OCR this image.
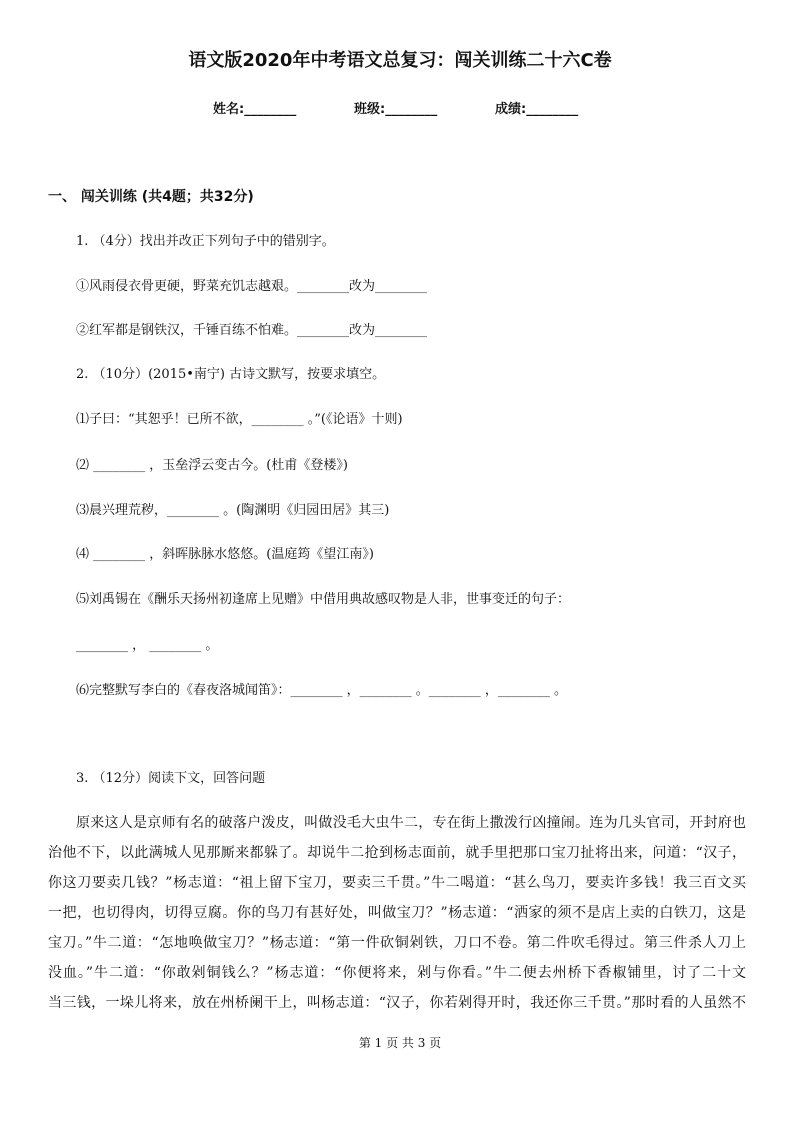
语文版2020年中考语文总复习：闯关训练二十六C卷
姓名:________	班级:________	成绩:________
一、 闯关训练 (共4题；共32分)
1. （4分）找出并改正下列句子中的错别字。
①风雨侵衣骨更硬，野菜充饥志越艰。________改为________
②红军都是钢铁汉，千锤百练不怕难。________改为________
2. （10分）(2015•南宁) 古诗文默写，按要求填空。
⑴子曰：“其恕乎！已所不欲，________ 。”(《论语》十则)
⑵ ________ ，玉垒浮云变古今。(杜甫《登楼》)
⑶晨兴理荒秽，________ 。(陶渊明《归园田居》其三)
⑷ ________ ，斜晖脉脉水悠悠。(温庭筠《望江南》)
⑸刘禹锡在《酬乐天扬州初逢席上见赠》中借用典故感叹物是人非，世事变迁的句子：
________ ， ________ 。
⑹完整默写李白的《春夜洛城闻笛》：________ ，________ 。________ ，________ 。
3. （12分）阅读下文，回答问题
原来这人是京师有名的破落户泼皮，叫做没毛大虫牛二，专在街上撒泼行凶撞闹。连为几头官司，开封府也
治他不下，以此满城人见那厮来都躲了。却说牛二抢到杨志面前，就手里把那口宝刀扯将出来，问道：“汉子，
你这刀要卖几钱？”杨志道：“祖上留下宝刀，要卖三千贯。”牛二喝道：“甚么鸟刀，要卖许多钱！我三百文买
一把，也切得肉，切得豆腐。你的鸟刀有甚好处，叫做宝刀？”杨志道：“洒家的须不是店上卖的白铁刀，这是
宝刀。”牛二道：“怎地唤做宝刀？”杨志道：“第一件砍铜剁铁，刀口不卷。第二件吹毛得过。第三件杀人刀上
没血。”牛二道：“你敢剁铜钱么？”杨志道：“你便将来，剁与你看。”牛二便去州桥下香椒铺里，讨了二十文
当三钱，一垛儿将来，放在州桥阑干上，叫杨志道：“汉子，你若剁得开时，我还你三千贯。”那时看的人虽然不
第 1 页 共 3 页
